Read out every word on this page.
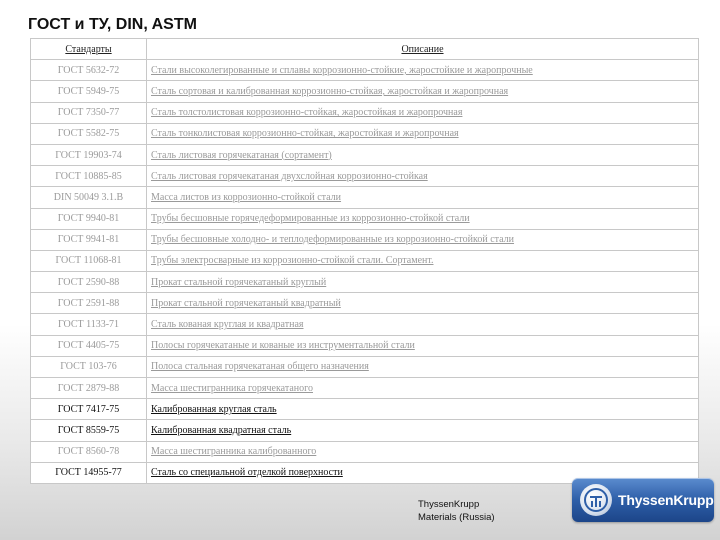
ГОСТ и ТУ, DIN, ASTM
Стандарты	Описание
ГОСТ 5632-72	Стали высоколегированные и сплавы коррозионно-стойкие, жаростойкие и жаропрочные
ГОСТ 5949-75	Сталь сортовая и калиброванная коррозионно-стойкая, жаростойкая и жаропрочная
ГОСТ 7350-77	Сталь толстолистовая коррозионно-стойкая, жаростойкая и жаропрочная
ГОСТ 5582-75	Сталь тонколистовая коррозионно-стойкая, жаростойкая и жаропрочная
ГОСТ 19903-74	Сталь листовая горячекатаная (сортамент)
ГОСТ 10885-85	Сталь листовая горячекатаная двухслойная коррозионно-стойкая
DIN 50049 3.1.B	Масса листов из коррозионно-стойкой стали
ГОСТ 9940-81	Трубы бесшовные горячедеформированные из коррозионно-стойкой стали
ГОСТ 9941-81	Трубы бесшовные холодно- и теплодеформированные из коррозионно-стойкой стали
ГОСТ 11068-81	Трубы электросварные из коррозионно-стойкой стали. Сортамент.
ГОСТ 2590-88	Прокат стальной горячекатаный круглый
ГОСТ 2591-88	Прокат стальной горячекатаный квадратный
ГОСТ 1133-71	Сталь кованая круглая и квадратная
ГОСТ 4405-75	Полосы горячекатаные и кованые из инструментальной стали
ГОСТ 103-76	Полоса стальная горячекатаная общего назначения
ГОСТ 2879-88	Масса шестигранника горячекатаного
ГОСТ 7417-75	Калиброванная круглая сталь
ГОСТ 8559-75	Калиброванная квадратная сталь
ГОСТ 8560-78	Масса шестигранника калиброванного
ГОСТ 14955-77	Сталь со специальной отделкой поверхности
ThyssenKrupp
Materials (Russia)
ThyssenKrupp
